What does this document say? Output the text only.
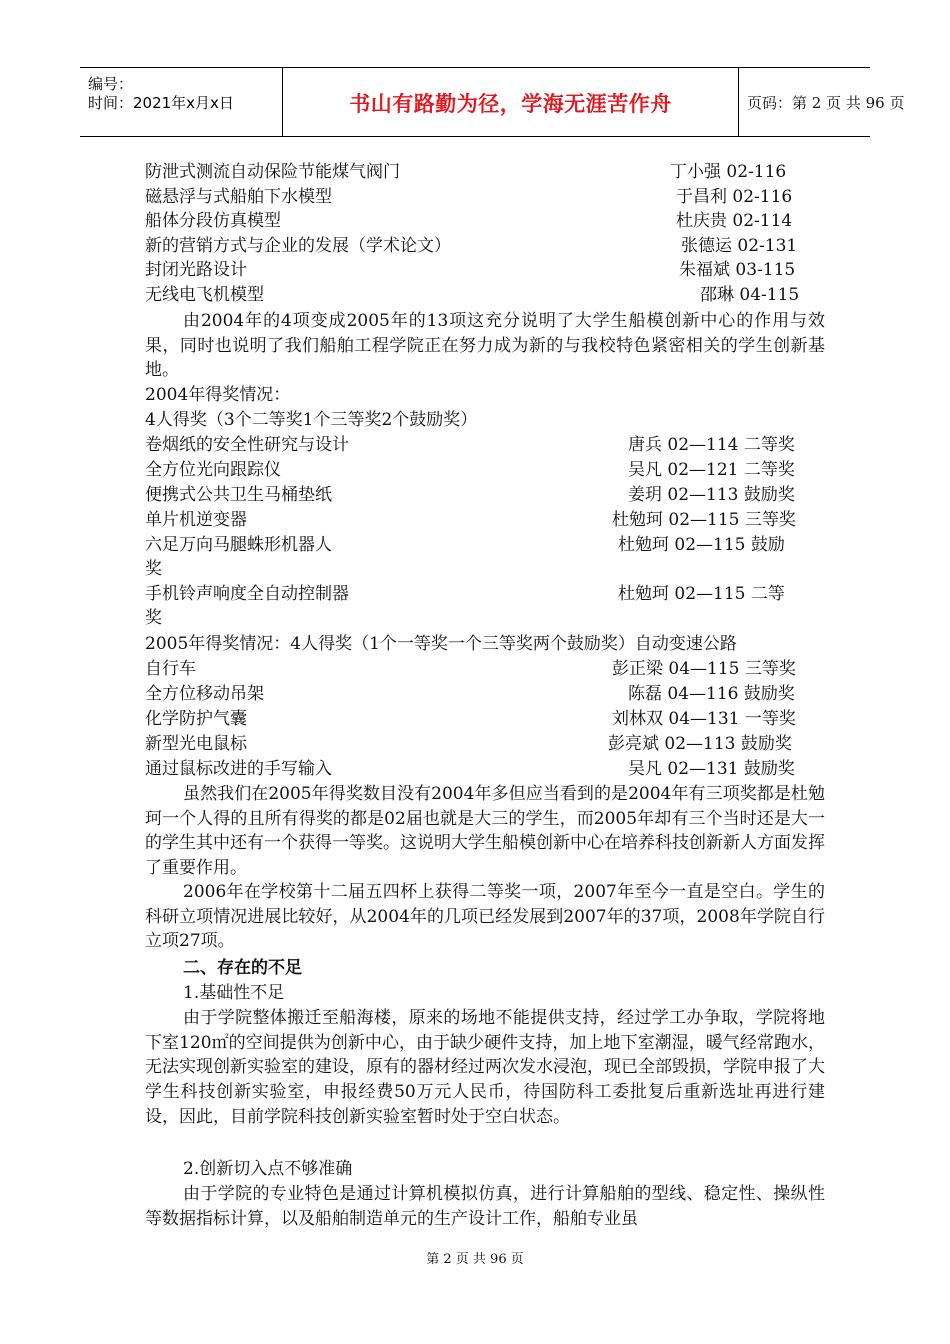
编号：
时间：2021年x月x日	书山有路勤为径，学海无涯苦作舟	页码：第 2 页 共 96 页
防泄式测流自动保险节能煤气阀门	丁小强 02-116
磁悬浮与式船舶下水模型	于昌利 02-116
船体分段仿真模型	杜庆贵 02-114
新的营销方式与企业的发展（学术论文）	张德运 02-131
封闭光路设计	朱福斌 03-115
无线电飞机模型	邵琳 04-115
由2004年的4项变成2005年的13项这充分说明了大学生船模创新中心的作用与效果，同时也说明了我们船舶工程学院正在努力成为新的与我校特色紧密相关的学生创新基地。
2004年得奖情况：
4人得奖（3个二等奖1个三等奖2个鼓励奖）
卷烟纸的安全性研究与设计	唐兵 02—114 二等奖
全方位光向跟踪仪	吴凡 02—121 二等奖
便携式公共卫生马桶垫纸	姜玥 02—113 鼓励奖
单片机逆变器	杜勉珂 02—115 三等奖
六足万向马腿蛛形机器人	杜勉珂 02—115 鼓励
奖
手机铃声响度全自动控制器	杜勉珂 02—115 二等
奖
2005年得奖情况：4人得奖（1个一等奖一个三等奖两个鼓励奖）自动变速公路
自行车	彭正梁 04—115 三等奖
全方位移动吊架	陈磊 04—116 鼓励奖
化学防护气囊	刘林双 04—131 一等奖
新型光电鼠标	彭亮斌 02—113 鼓励奖
通过鼠标改进的手写输入	吴凡 02—131 鼓励奖
虽然我们在2005年得奖数目没有2004年多但应当看到的是2004年有三项奖都是杜勉珂一个人得的且所有得奖的都是02届也就是大三的学生，而2005年却有三个当时还是大一的学生其中还有一个获得一等奖。这说明大学生船模创新中心在培养科技创新新人方面发挥了重要作用。
2006年在学校第十二届五四杯上获得二等奖一项，2007年至今一直是空白。学生的科研立项情况进展比较好，从2004年的几项已经发展到2007年的37项，2008年学院自行立项27项。
二、存在的不足
1.基础性不足
由于学院整体搬迁至船海楼，原来的场地不能提供支持，经过学工办争取，学院将地下室120㎡的空间提供为创新中心，由于缺少硬件支持，加上地下室潮湿，暖气经常跑水，无法实现创新实验室的建设，原有的器材经过两次发水浸泡，现已全部毁损，学院申报了大学生科技创新实验室，申报经费50万元人民币，待国防科工委批复后重新选址再进行建设，因此，目前学院科技创新实验室暂时处于空白状态。
2.创新切入点不够准确
由于学院的专业特色是通过计算机模拟仿真，进行计算船舶的型线、稳定性、操纵性等数据指标计算，以及船舶制造单元的生产设计工作，船舶专业虽
第 2 页 共 96 页
